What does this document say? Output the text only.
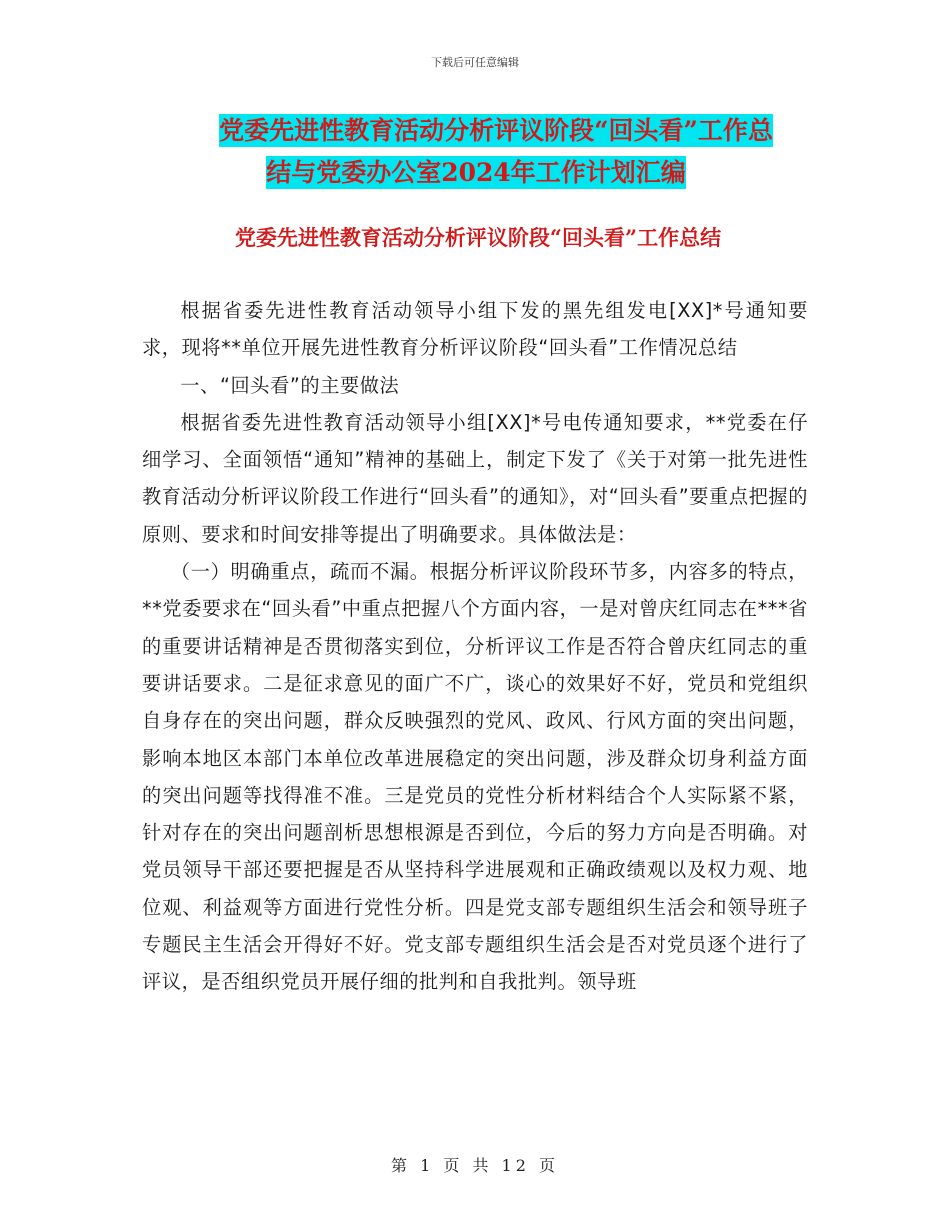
下载后可任意编辑
党委先进性教育活动分析评议阶段“回头看”工作总
结与党委办公室2024年工作计划汇编
党委先进性教育活动分析评议阶段“回头看”工作总结

根据省委先进性教育活动领导小组下发的黑先组发电[XX]*号通知要求，现将**单位开展先进性教育分析评议阶段“回头看”工作情况总结

一、“回头看”的主要做法

根据省委先进性教育活动领导小组[XX]*号电传通知要求，**党委在仔细学习、全面领悟“通知”精神的基础上，制定下发了《关于对第一批先进性教育活动分析评议阶段工作进行“回头看”的通知》，对“回头看”要重点把握的原则、要求和时间安排等提出了明确要求。具体做法是：

（一）明确重点，疏而不漏。根据分析评议阶段环节多，内容多的特点，**党委要求在“回头看”中重点把握八个方面内容，一是对曾庆红同志在***省的重要讲话精神是否贯彻落实到位，分析评议工作是否符合曾庆红同志的重要讲话要求。二是征求意见的面广不广，谈心的效果好不好，党员和党组织自身存在的突出问题，群众反映强烈的党风、政风、行风方面的突出问题，影响本地区本部门本单位改革进展稳定的突出问题，涉及群众切身利益方面的突出问题等找得准不准。三是党员的党性分析材料结合个人实际紧不紧，针对存在的突出问题剖析思想根源是否到位，今后的努力方向是否明确。对党员领导干部还要把握是否从坚持科学进展观和正确政绩观以及权力观、地位观、利益观等方面进行党性分析。四是党支部专题组织生活会和领导班子专题民主生活会开得好不好。党支部专题组织生活会是否对党员逐个进行了评议，是否组织党员开展仔细的批判和自我批判。领导班

第 1 页 共 12 页
